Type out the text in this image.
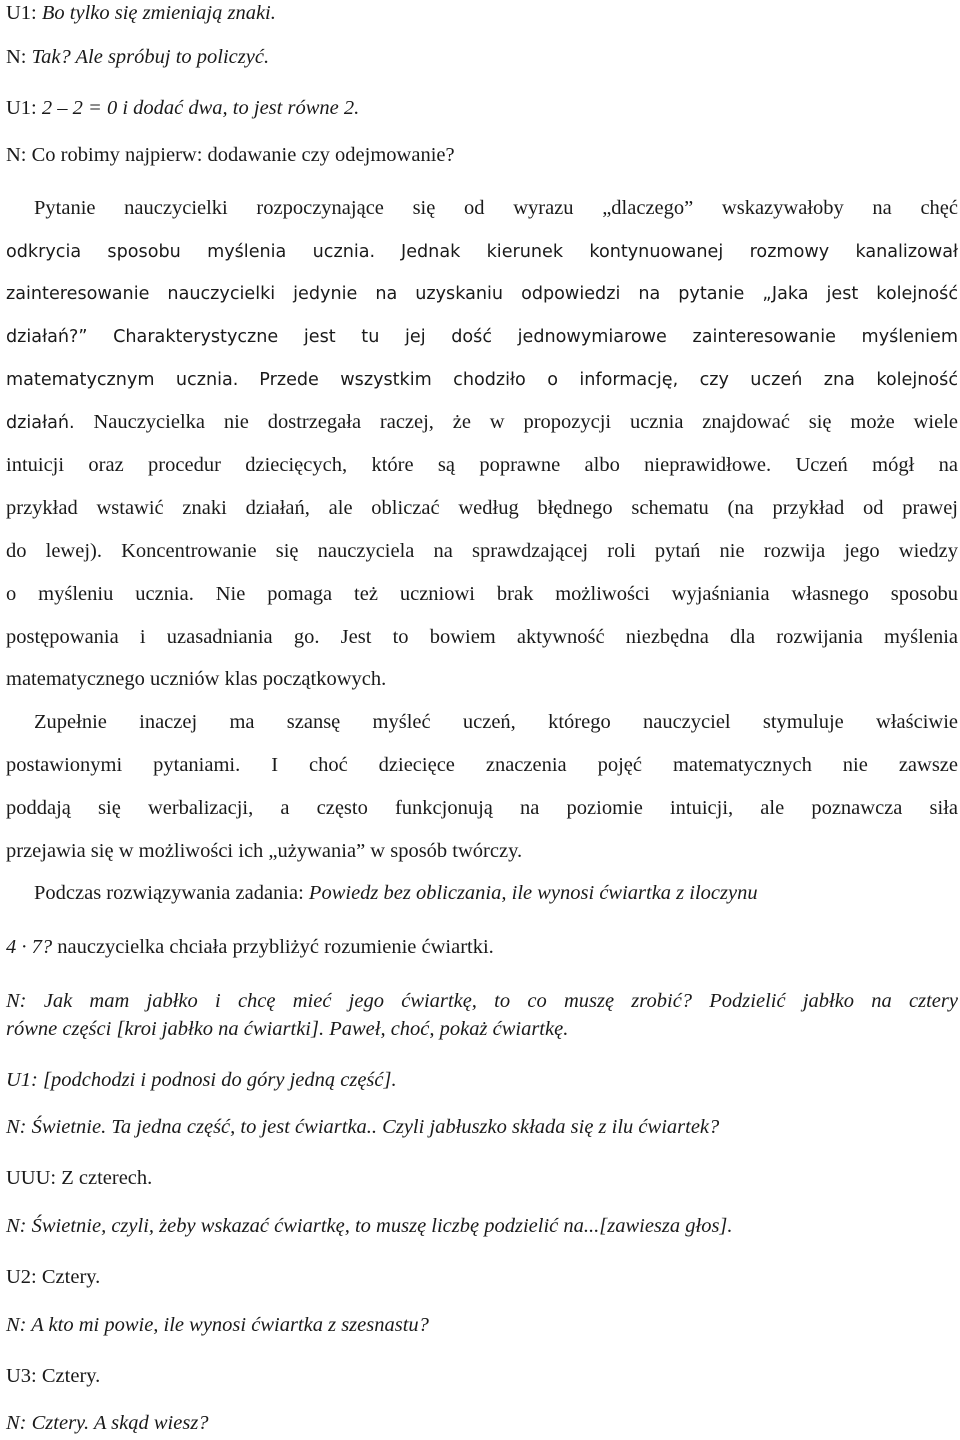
U1: Bo tylko się zmieniają znaki.
N: Tak? Ale spróbuj to policzyć.
U1: 2 – 2 = 0 i dodać dwa, to jest równe 2.
N: Co robimy najpierw: dodawanie czy odejmowanie?
Pytanie nauczycielki rozpoczynające się od wyrazu „dlaczego” wskazywałoby na chęć
odkrycia sposobu myślenia ucznia. Jednak kierunek kontynuowanej rozmowy kanalizował
zainteresowanie nauczycielki jedynie na uzyskaniu odpowiedzi na pytanie „Jaka jest kolejność
działań?” Charakterystyczne jest tu jej dość jednowymiarowe zainteresowanie myśleniem
matematycznym ucznia. Przede wszystkim chodziło o informację, czy uczeń zna kolejność
działań. Nauczycielka nie dostrzegała raczej, że w propozycji ucznia znajdować się może wiele
intuicji oraz procedur dziecięcych, które są poprawne albo nieprawidłowe. Uczeń mógł na
przykład wstawić znaki działań, ale obliczać według błędnego schematu (na przykład od prawej
do lewej). Koncentrowanie się nauczyciela na sprawdzającej roli pytań nie rozwija jego wiedzy
o myśleniu ucznia. Nie pomaga też uczniowi brak możliwości wyjaśniania własnego sposobu
postępowania i uzasadniania go. Jest to bowiem aktywność niezbędna dla rozwijania myślenia
matematycznego uczniów klas początkowych.
Zupełnie inaczej ma szansę myśleć uczeń, którego nauczyciel stymuluje właściwie
postawionymi pytaniami. I choć dziecięce znaczenia pojęć matematycznych nie zawsze
poddają się werbalizacji, a często funkcjonują na poziomie intuicji, ale poznawcza siła
przejawia się w możliwości ich „używania” w sposób twórczy.
Podczas rozwiązywania zadania: Powiedz bez obliczania, ile wynosi ćwiartka z iloczynu
4 · 7? nauczycielka chciała przybliżyć rozumienie ćwiartki.
N: Jak mam jabłko i chcę mieć jego ćwiartkę, to co muszę zrobić? Podzielić jabłko na cztery
równe części [kroi jabłko na ćwiartki]. Paweł, choć, pokaż ćwiartkę.
U1: [podchodzi i podnosi do góry jedną część].
N: Świetnie. Ta jedna część, to jest ćwiartka.. Czyli jabłuszko składa się z ilu ćwiartek?
UUU: Z czterech.
N: Świetnie, czyli, żeby wskazać ćwiartkę, to muszę liczbę podzielić na...[zawiesza głos].
U2: Cztery.
N: A kto mi powie, ile wynosi ćwiartka z szesnastu?
U3: Cztery.
N: Cztery. A skąd wiesz?
